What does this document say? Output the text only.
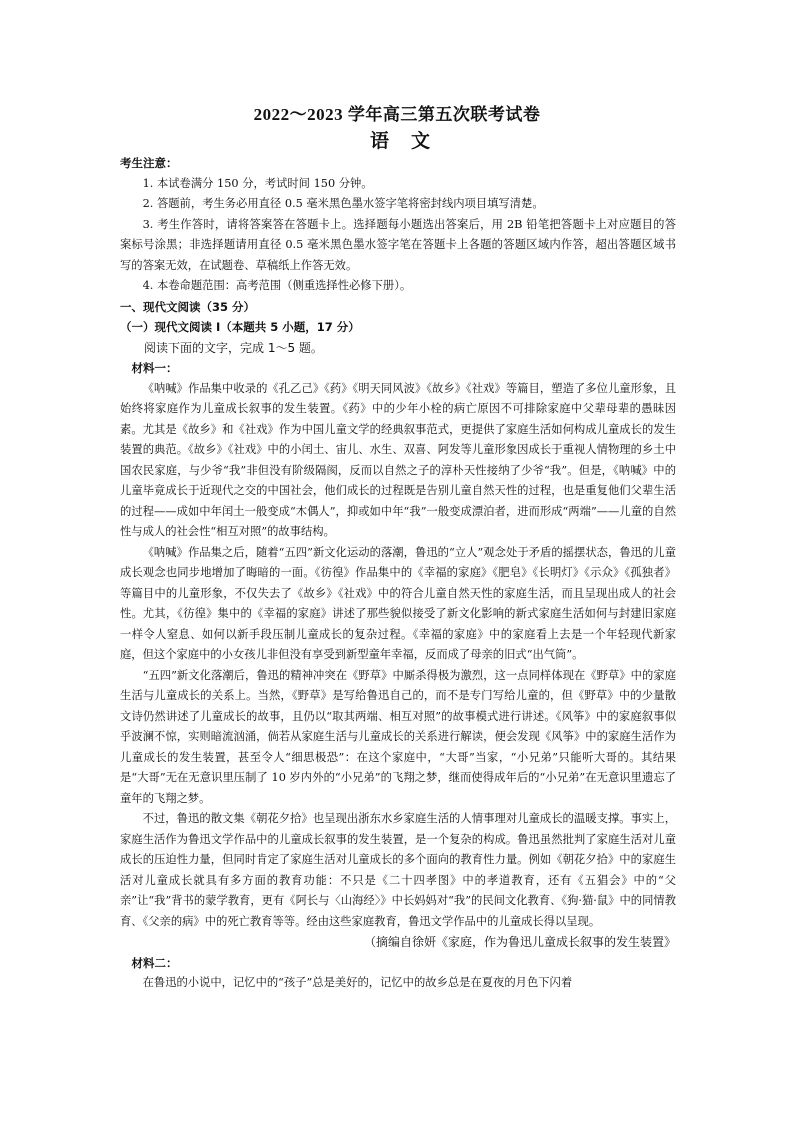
2022～2023 学年高三第五次联考试卷
语文
考生注意：

1. 本试卷满分 150 分，考试时间 150 分钟。

2. 答题前，考生务必用直径 0.5 毫米黑色墨水签字笔将密封线内项目填写清楚。

3. 考生作答时，请将答案答在答题卡上。选择题每小题选出答案后，用 2B 铅笔把答题卡上对应题目的答案标号涂黑；非选择题请用直径 0.5 毫米黑色墨水签字笔在答题卡上各题的答题区域内作答，超出答题区域书写的答案无效，在试题卷、草稿纸上作答无效。

4. 本卷命题范围：高考范围（侧重选择性必修下册）。

一、现代文阅读（35 分）

（一）现代文阅读 I（本题共 5 小题，17 分）

阅读下面的文字，完成 1～5 题。

材料一：

《呐喊》作品集中收录的《孔乙己》《药》《明天同风波》《故乡》《社戏》等篇目，塑造了多位儿童形象，且始终将家庭作为儿童成长叙事的发生装置。《药》中的少年小栓的病亡原因不可排除家庭中父辈母辈的愚昧因素。尤其是《故乡》和《社戏》作为中国儿童文学的经典叙事范式，更提供了家庭生活如何构成儿童成长的发生装置的典范。《故乡》《社戏》中的小闰土、宙儿、水生、双喜、阿发等儿童形象因成长于重视人情物理的乡土中国农民家庭，与少爷“我”非但没有阶级隔阂，反而以自然之子的淳朴天性接纳了少爷“我”。但是，《呐喊》中的儿童毕竟成长于近现代之交的中国社会，他们成长的过程既是告别儿童自然天性的过程，也是重复他们父辈生活的过程——成如中年闰土一般变成“木偶人”，抑或如中年“我”一般变成漂泊者，进而形成“两端”——儿童的自然性与成人的社会性“相互对照”的故事结构。

《呐喊》作品集之后，随着“五四”新文化运动的落潮，鲁迅的“立人”观念处于矛盾的摇摆状态，鲁迅的儿童成长观念也同步地增加了晦暗的一面。《彷徨》作品集中的《幸福的家庭》《肥皂》《长明灯》《示众》《孤独者》等篇目中的儿童形象，不仅失去了《故乡》《社戏》中的符合儿童自然天性的家庭生活，而且呈现出成人的社会性。尤其，《彷徨》集中的《幸福的家庭》讲述了那些貌似接受了新文化影响的新式家庭生活如何与封建旧家庭一样令人窒息、如何以新手段压制儿童成长的复杂过程。《幸福的家庭》中的家庭看上去是一个年轻现代新家庭，但这个家庭中的小女孩儿非但没有享受到新型童年幸福，反而成了母亲的旧式“出气筒”。

“五四”新文化落潮后，鲁迅的精神冲突在《野草》中厮杀得极为激烈，这一点同样体现在《野草》中的家庭生活与儿童成长的关系上。当然，《野草》是写给鲁迅自己的，而不是专门写给儿童的，但《野草》中的少量散文诗仍然讲述了儿童成长的故事，且仍以“取其两端、相互对照”的故事模式进行讲述。《风筝》中的家庭叙事似乎波澜不惊，实则暗流汹涌，倘若从家庭生活与儿童成长的关系进行解读，便会发现《风筝》中的家庭生活作为儿童成长的发生装置，甚至令人“细思极恐”：在这个家庭中，“大哥”当家，“小兄弟”只能听大哥的。其结果是“大哥”无在无意识里压制了 10 岁内外的“小兄弟”的飞翔之梦，继而使得成年后的“小兄弟”在无意识里遗忘了童年的飞翔之梦。

不过，鲁迅的散文集《朝花夕拾》也呈现出浙东水乡家庭生活的人情事理对儿童成长的温暖支撑。事实上，家庭生活作为鲁迅文学作品中的儿童成长叙事的发生装置，是一个复杂的构成。鲁迅虽然批判了家庭生活对儿童成长的压迫性力量，但同时肯定了家庭生活对儿童成长的多个面向的教育性力量。例如《朝花夕拾》中的家庭生活对儿童成长就具有多方面的教育功能：不只是《二十四孝图》中的孝道教育，还有《五猖会》中的“父亲”让“我”背书的蒙学教育，更有《阿长与〈山海经〉》中长妈妈对“我”的民间文化教育、《狗·猫·鼠》中的同情教育、《父亲的病》中的死亡教育等等。经由这些家庭教育，鲁迅文学作品中的儿童成长得以呈现。

（摘编自徐妍《家庭，作为鲁迅儿童成长叙事的发生装置》

材料二：

在鲁迅的小说中，记忆中的“孩子”总是美好的，记忆中的故乡总是在夏夜的月色下闪着
